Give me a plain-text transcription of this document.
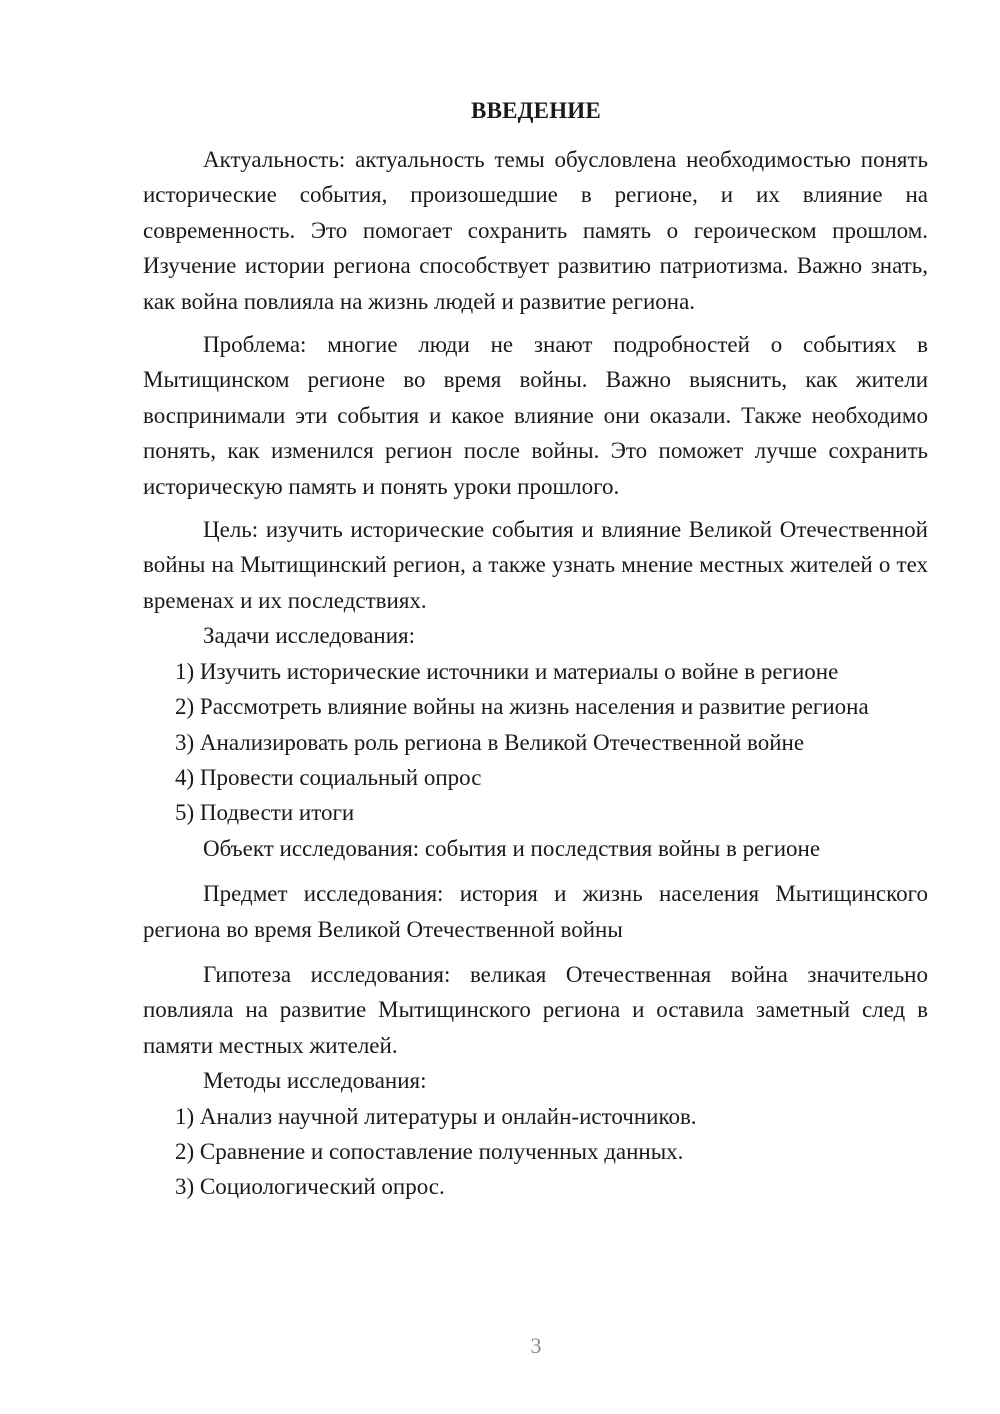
ВВЕДЕНИЕ

Актуальность: актуальность темы обусловлена необходимостью понять исторические события, произошедшие в регионе, и их влияние на современность. Это помогает сохранить память о героическом прошлом. Изучение истории региона способствует развитию патриотизма. Важно знать, как война повлияла на жизнь людей и развитие региона.

Проблема: многие люди не знают подробностей о событиях в Мытищинском регионе во время войны. Важно выяснить, как жители воспринимали эти события и какое влияние они оказали. Также необходимо понять, как изменился регион после войны. Это поможет лучше сохранить историческую память и понять уроки прошлого.

Цель: изучить исторические события и влияние Великой Отечественной войны на Мытищинский регион, а также узнать мнение местных жителей о тех временах и их последствиях.

Задачи исследования:

1) Изучить исторические источники и материалы о войне в регионе

2) Рассмотреть влияние войны на жизнь населения и развитие региона

3) Анализировать роль региона в Великой Отечественной войне

4) Провести социальный опрос

5) Подвести итоги

Объект исследования: события и последствия войны в регионе

Предмет исследования: история и жизнь населения Мытищинского региона во время Великой Отечественной войны

Гипотеза исследования: великая Отечественная война значительно повлияла на развитие Мытищинского региона и оставила заметный след в памяти местных жителей.

Методы исследования:

1) Анализ научной литературы и онлайн-источников.

2) Сравнение и сопоставление полученных данных.

3) Социологический опрос.

3
